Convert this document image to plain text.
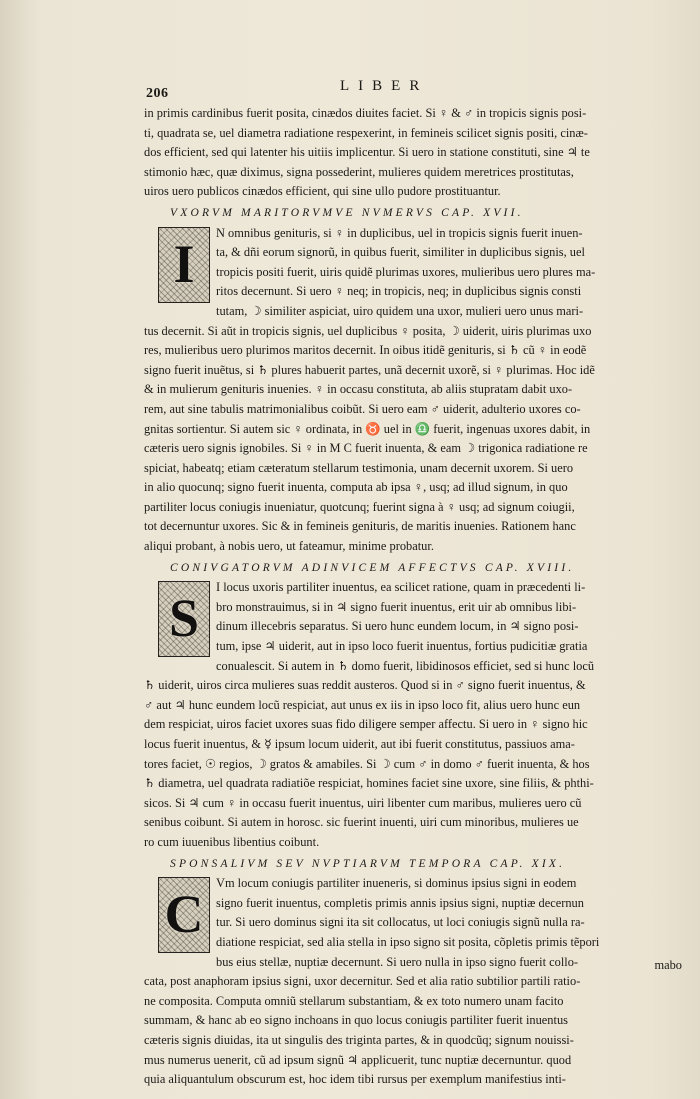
206	LIBER
in primis cardinibus fuerit posita, cinædos diuites faciet. Si ♀ & ♂ in tropicis signis posi-
ti, quadrata se, uel diametra radiatione respexerint, in femineis scilicet signis positi, cinæ-
dos efficient, sed qui latenter his uitiis implicentur. Si uero in statione constituti, sine ♃ te
stimonio hæc, quæ diximus, signa possederint, mulieres quidem meretrices prostitutas,
uiros uero publicos cinædos efficient, qui sine ullo pudore prostituantur.
VXORVM MARITORVMVE NVMERVS CAP. XVII.
I
N omnibus genituris, si ♀ in duplicibus, uel in tropicis signis fuerit inuen-
ta, & dñi eorum signorũ, in quibus fuerit, similiter in duplicibus signis, uel
tropicis positi fuerit, uiris quidẽ plurimas uxores, mulieribus uero plures ma-
ritos decernunt. Si uero ♀ neq; in tropicis, neq; in duplicibus signis consti
tutam, ☽ similiter aspiciat, uiro quidem una uxor, mulieri uero unus mari-
tus decernit. Si aũt in tropicis signis, uel duplicibus ♀ posita, ☽ uiderit, uiris plurimas uxo
res, mulieribus uero plurimos maritos decernit. In oibus itidẽ genituris, si ♄ cũ ♀ in eodẽ
signo fuerit inuẽtus, si ♄ plures habuerit partes, unã decernit uxorẽ, si ♀ plurimas. Hoc idẽ
& in mulierum genituris inuenies. ♀ in occasu constituta, ab aliis stupratam dabit uxo-
rem, aut sine tabulis matrimonialibus coibũt. Si uero eam ♂ uiderit, adulterio uxores co-
gnitas sortientur. Si autem sic ♀ ordinata, in ♉ uel in ♎ fuerit, ingenuas uxores dabit, in
cæteris uero signis ignobiles. Si ♀ in M C fuerit inuenta, & eam ☽ trigonica radiatione re
spiciat, habeatq; etiam cæteratum stellarum testimonia, unam decernit uxorem. Si uero
in alio quocunq; signo fuerit inuenta, computa ab ipsa ♀, usq; ad illud signum, in quo
partiliter locus coniugis inueniatur, quotcunq; fuerint signa à ♀ usq; ad signum coiugii,
tot decernuntur uxores. Sic & in femineis genituris, de maritis inuenies. Rationem hanc
aliqui probant, à nobis uero, ut fateamur, minime probatur.
CONIVGATORVM ADINVICEM AFFECTVS CAP. XVIII.
S
I locus uxoris partiliter inuentus, ea scilicet ratione, quam in præcedenti li-
bro monstrauimus, si in ♃ signo fuerit inuentus, erit uir ab omnibus libi-
dinum illecebris separatus. Si uero hunc eundem locum, in ♃ signo posi-
tum, ipse ♃ uiderit, aut in ipso loco fuerit inuentus, fortius pudicitiæ gratia
conualescit. Si autem in ♄ domo fuerit, libidinosos efficiet, sed si hunc locũ
♄ uiderit, uiros circa mulieres suas reddit austeros. Quod si in ♂ signo fuerit inuentus, &
♂ aut ♃ hunc eundem locũ respiciat, aut unus ex iis in ipso loco fit, alius uero hunc eun
dem respiciat, uiros faciet uxores suas fido diligere semper affectu. Si uero in ♀ signo hic
locus fuerit inuentus, & ☿ ipsum locum uiderit, aut ibi fuerit constitutus, passiuos ama-
tores faciet, ☉ regios, ☽ gratos & amabiles. Si ☽ cum ♂ in domo ♂ fuerit inuenta, & hos
♄ diametra, uel quadrata radiatiõe respiciat, homines faciet sine uxore, sine filiis, & phthi-
sicos. Si ♃ cum ♀ in occasu fuerit inuentus, uiri libenter cum maribus, mulieres uero cũ
senibus coibunt. Si autem in horosc. sic fuerint inuenti, uiri cum minoribus, mulieres ue
ro cum iuuenibus libentius coibunt.
SPONSALIVM SEV NVPTIARVM TEMPORA CAP. XIX.
C
Vm locum coniugis partiliter inueneris, si dominus ipsius signi in eodem
signo fuerit inuentus, completis primis annis ipsius signi, nuptiæ decernun
tur. Si uero dominus signi ita sit collocatus, ut loci coniugis signũ nulla ra-
diatione respiciat, sed alia stella in ipso signo sit posita, cõpletis primis tẽpori
bus eius stellæ, nuptiæ decernunt. Si uero nulla in ipso signo fuerit collo-
cata, post anaphoram ipsius signi, uxor decernitur. Sed et alia ratio subtilior partili ratio-
ne composita. Computa omniũ stellarum substantiam, & ex toto numero unam facito
summam, & hanc ab eo signo inchoans in quo locus coniugis partiliter fuerit inuentus
cæteris signis diuidas, ita ut singulis des triginta partes, & in quodcũq; signum nouissi-
mus numerus uenerit, cũ ad ipsum signũ ♃ applicuerit, tunc nuptiæ decernuntur. quod
quia aliquantulum obscurum est, hoc idem tibi rursus per exemplum manifestius inti-
mabo
